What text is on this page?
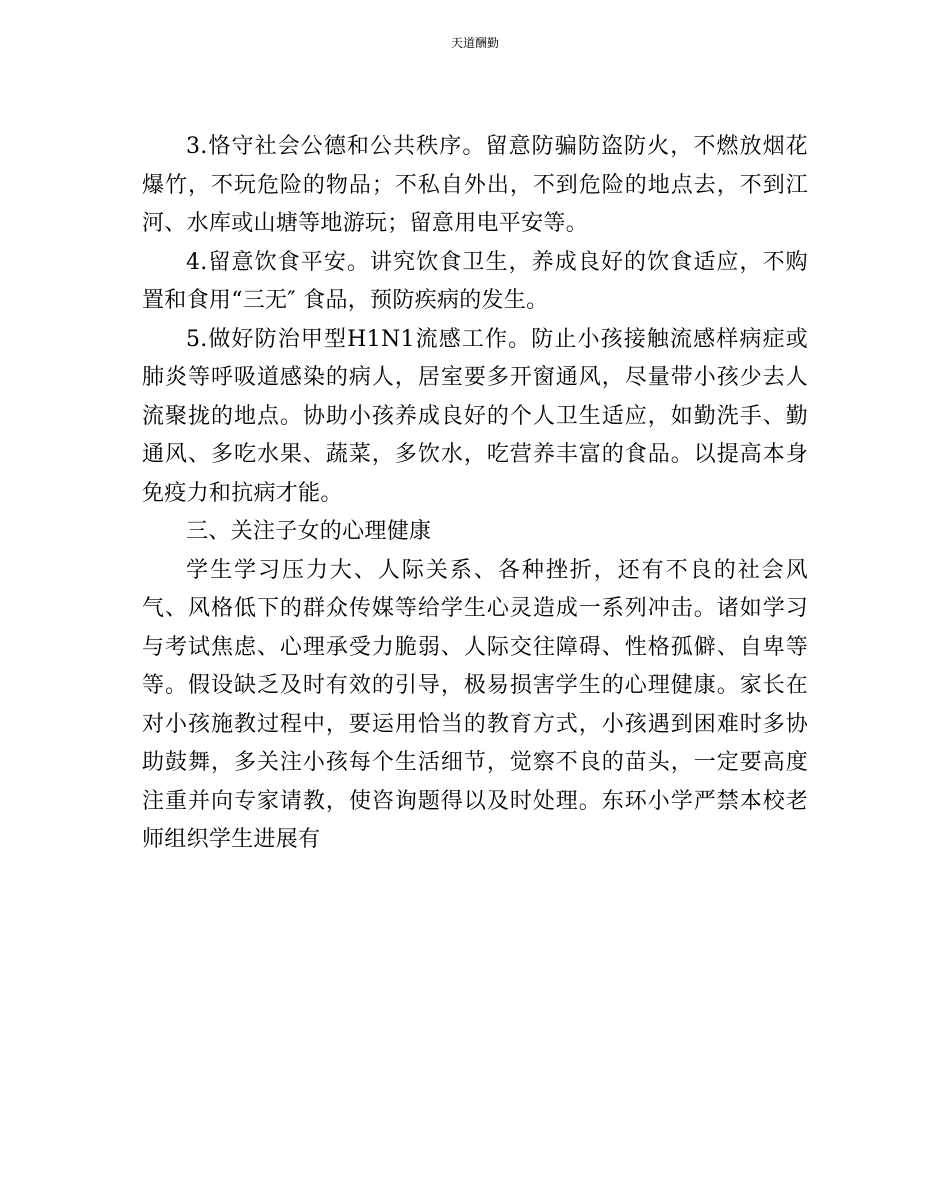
天道酬勤

3.恪守社会公德和公共秩序。留意防骗防盗防火，不燃放烟花爆竹，不玩危险的物品；不私自外出，不到危险的地点去，不到江河、水库或山塘等地游玩；留意用电平安等。

4.留意饮食平安。讲究饮食卫生，养成良好的饮食适应，不购置和食用“三无″ 食品，预防疾病的发生。

5.做好防治甲型H1N1流感工作。防止小孩接触流感样病症或肺炎等呼吸道感染的病人，居室要多开窗通风，尽量带小孩少去人流聚拢的地点。协助小孩养成良好的个人卫生适应，如勤洗手、勤通风、多吃水果、蔬菜，多饮水，吃营养丰富的食品。以提高本身免疫力和抗病才能。

三、关注子女的心理健康

学生学习压力大、人际关系、各种挫折，还有不良的社会风气、风格低下的群众传媒等给学生心灵造成一系列冲击。诸如学习与考试焦虑、心理承受力脆弱、人际交往障碍、性格孤僻、自卑等等。假设缺乏及时有效的引导，极易损害学生的心理健康。家长在对小孩施教过程中，要运用恰当的教育方式，小孩遇到困难时多协助鼓舞，多关注小孩每个生活细节，觉察不良的苗头，一定要高度注重并向专家请教，使咨询题得以及时处理。东环小学严禁本校老师组织学生进展有
